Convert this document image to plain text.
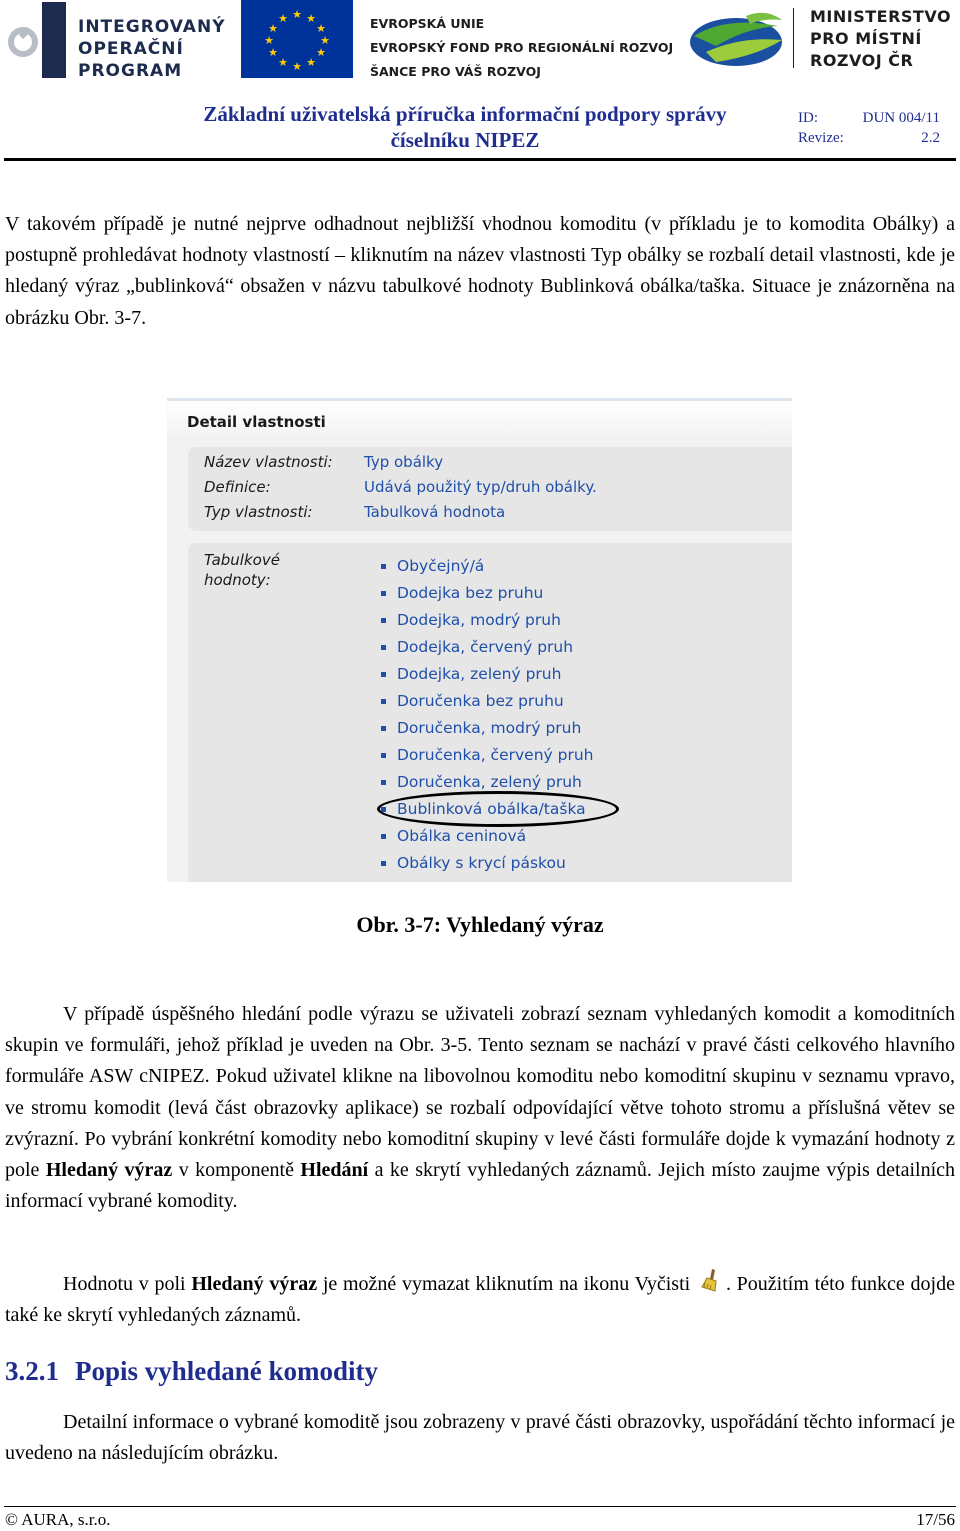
INTEGROVANÝ
OPERAČNÍ
PROGRAM
★ ★
★
★
★
★
★
★
★
★
★
★	EVROPSKÁ UNIE
EVROPSKÝ FOND PRO REGIONÁLNÍ ROZVOJ
ŠANCE PRO VÁŠ ROZVOJ
MINISTERSTVO
PRO MÍSTNÍ
ROZVOJ ČR
Základní uživatelská příručka informační podpory správy
číselníku NIPEZ
ID:	DUN 004/11
Revize:	2.2
V takovém případě je nutné nejprve odhadnout nejbližší vhodnou komoditu (v příkladu je to komodita Obálky) a postupně prohledávat hodnoty vlastností – kliknutím na název vlastnosti Typ obálky se rozbalí detail vlastnosti, kde je hledaný výraz „bublinková“ obsažen v názvu tabulkové hodnoty Bublinková obálka/taška. Situace je znázorněna na obrázku Obr. 3-7.
Detail vlastnosti
Název vlastnosti: Typ obálky
Definice:	Udává použitý typ/druh obálky.
Typ vlastnosti:	Tabulková hodnota
Tabulkové
hodnoty:
Obyčejný/á
Dodejka bez pruhu
Dodejka, modrý pruh
Dodejka, červený pruh
Dodejka, zelený pruh
Doručenka bez pruhu
Doručenka, modrý pruh
Doručenka, červený pruh
Doručenka, zelený pruh
Bublinková obálka/taška
Obálka ceninová
Obálky s krycí páskou
Obr. 3-7: Vyhledaný výraz
V případě úspěšného hledání podle výrazu se uživateli zobrazí seznam vyhledaných komodit a komoditních skupin ve formuláři, jehož příklad je uveden na Obr. 3-5. Tento seznam se nachází v pravé části celkového hlavního formuláře ASW cNIPEZ. Pokud uživatel klikne na libovolnou komoditu nebo komoditní skupinu v seznamu vpravo, ve stromu komodit (levá část obrazovky aplikace) se rozbalí odpovídající větve tohoto stromu a příslušná větev se zvýrazní. Po vybrání konkrétní komodity nebo komoditní skupiny v levé části formuláře dojde k vymazání hodnoty z pole Hledaný výraz v komponentě Hledání a ke skrytí vyhledaných záznamů. Jejich místo zaujme výpis detailních informací vybrané komodity.
Hodnotu v poli Hledaný výraz je možné vymazat kliknutím na ikonu Vyčisti . Použitím této funkce dojde také ke skrytí vyhledaných záznamů.
3.2.1 Popis vyhledané komodity
Detailní informace o vybrané komoditě jsou zobrazeny v pravé části obrazovky, uspořádání těchto informací je uvedeno na následujícím obrázku.
© AURA, s.r.o.	17/56
